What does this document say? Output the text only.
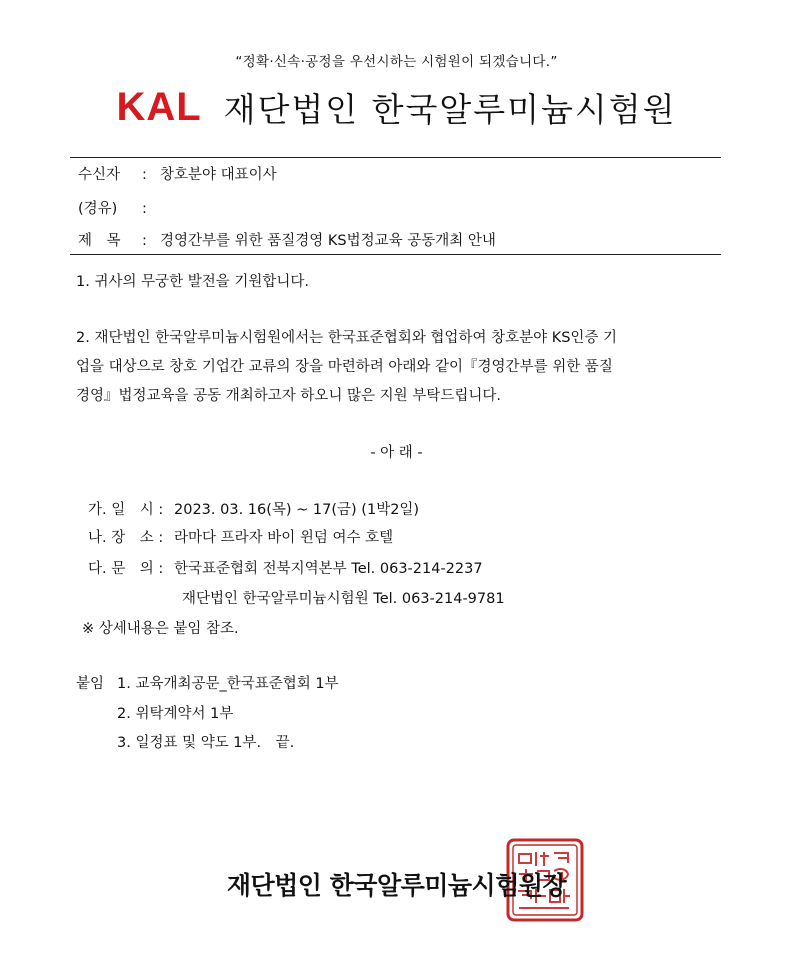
“정확·신속·공정을 우선시하는 시험원이 되겠습니다.”
KAL 재단법인 한국알루미늄시험원
수신자 : 창호분야 대표이사
(경유) :
제　목 : 경영간부를 위한 품질경영 KS법정교육 공동개최 안내
1. 귀사의 무궁한 발전을 기원합니다.
2. 재단법인 한국알루미늄시험원에서는 한국표준협회와 협업하여 창호분야 KS인증 기
업을 대상으로 창호 기업간 교류의 장을 마련하려 아래와 같이『경영간부를 위한 품질
경영』법정교육을 공동 개최하고자 하오니 많은 지원 부탁드립니다.
- 아 래 -
가. 일　시 : 2023. 03. 16(목) ~ 17(금) (1박2일)
나. 장　소 : 라마다 프라자 바이 윈덤 여수 호텔
다. 문　의 : 한국표준협회 전북지역본부 Tel. 063-214-2237
재단법인 한국알루미늄시험원 Tel. 063-214-9781
※ 상세내용은 붙임 참조.
붙임 1. 교육개최공문_한국표준협회 1부
2. 위탁계약서 1부
3. 일정표 및 약도 1부.　끝.
재단법인 한국알루미늄시험원장
